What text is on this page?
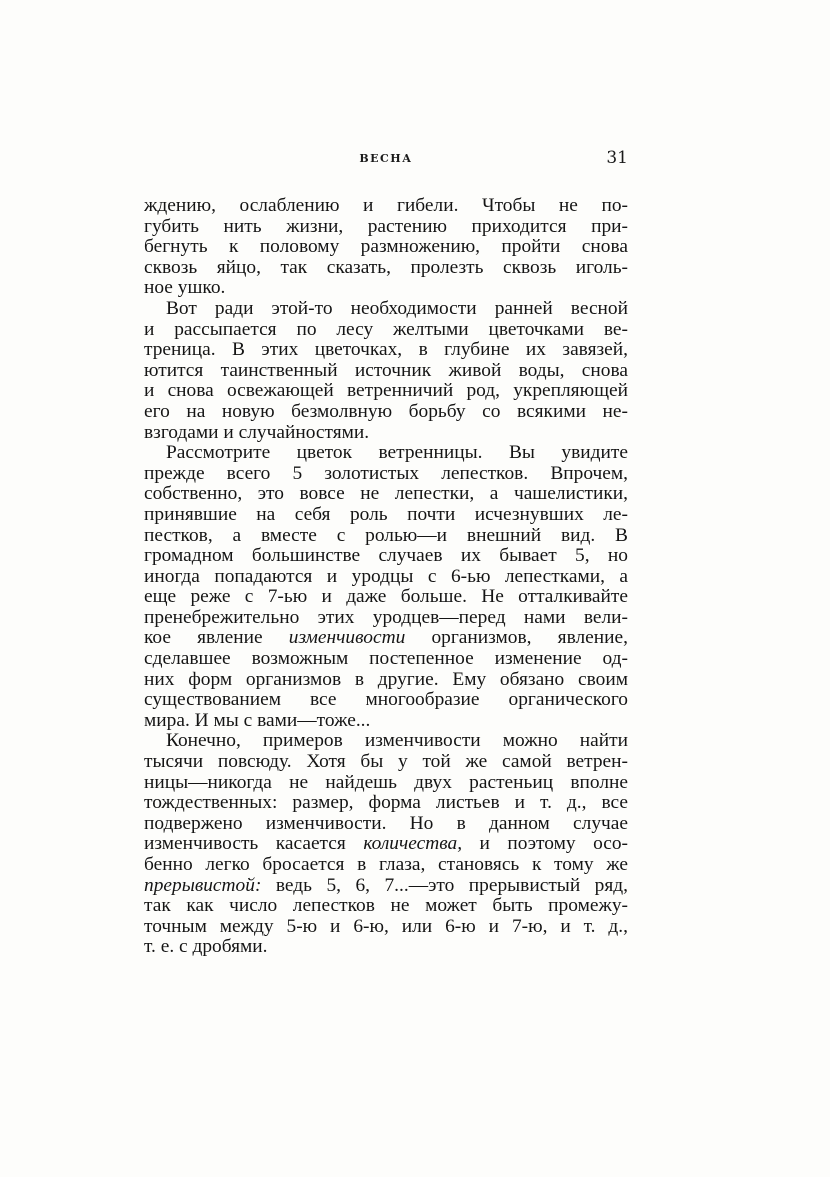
ВЕСНА	31
ждению, ослаблению и гибели. Чтобы не по-
губить нить жизни, растению приходится при-
бегнуть к половому размножению, пройти снова
сквозь яйцо, так сказать, пролезть сквозь иголь-
ное ушко.
Вот ради этой-то необходимости ранней весной
и рассыпается по лесу желтыми цветочками ве-
треница. В этих цветочках, в глубине их завязей,
ютится таинственный источник живой воды, снова
и снова освежающей ветренничий род, укрепляющей
его на новую безмолвную борьбу со всякими не-
взгодами и случайностями.
Рассмотрите цветок ветренницы. Вы увидите
прежде всего 5 золотистых лепестков. Впрочем,
собственно, это вовсе не лепестки, а чашелистики,
принявшие на себя роль почти исчезнувших ле-
пестков, а вместе с ролью—и внешний вид. В
громадном большинстве случаев их бывает 5, но
иногда попадаются и уродцы с 6-ью лепестками, а
еще реже с 7-ью и даже больше. Не отталкивайте
пренебрежительно этих уродцев—перед нами вели-
кое явление изменчивости организмов, явление,
сделавшее возможным постепенное изменение од-
них форм организмов в другие. Ему обязано своим
существованием все многообразие органического
мира. И мы с вами—тоже...
Конечно, примеров изменчивости можно найти
тысячи повсюду. Хотя бы у той же самой ветрен-
ницы—никогда не найдешь двух растеньиц вполне
тождественных: размер, форма листьев и т. д., все
подвержено изменчивости. Но в данном случае
изменчивость касается количества, и поэтому осо-
бенно легко бросается в глаза, становясь к тому же
прерывистой: ведь 5, 6, 7...—это прерывистый ряд,
так как число лепестков не может быть промежу-
точным между 5-ю и 6-ю, или 6-ю и 7-ю, и т. д.,
т. е. с дробями.
